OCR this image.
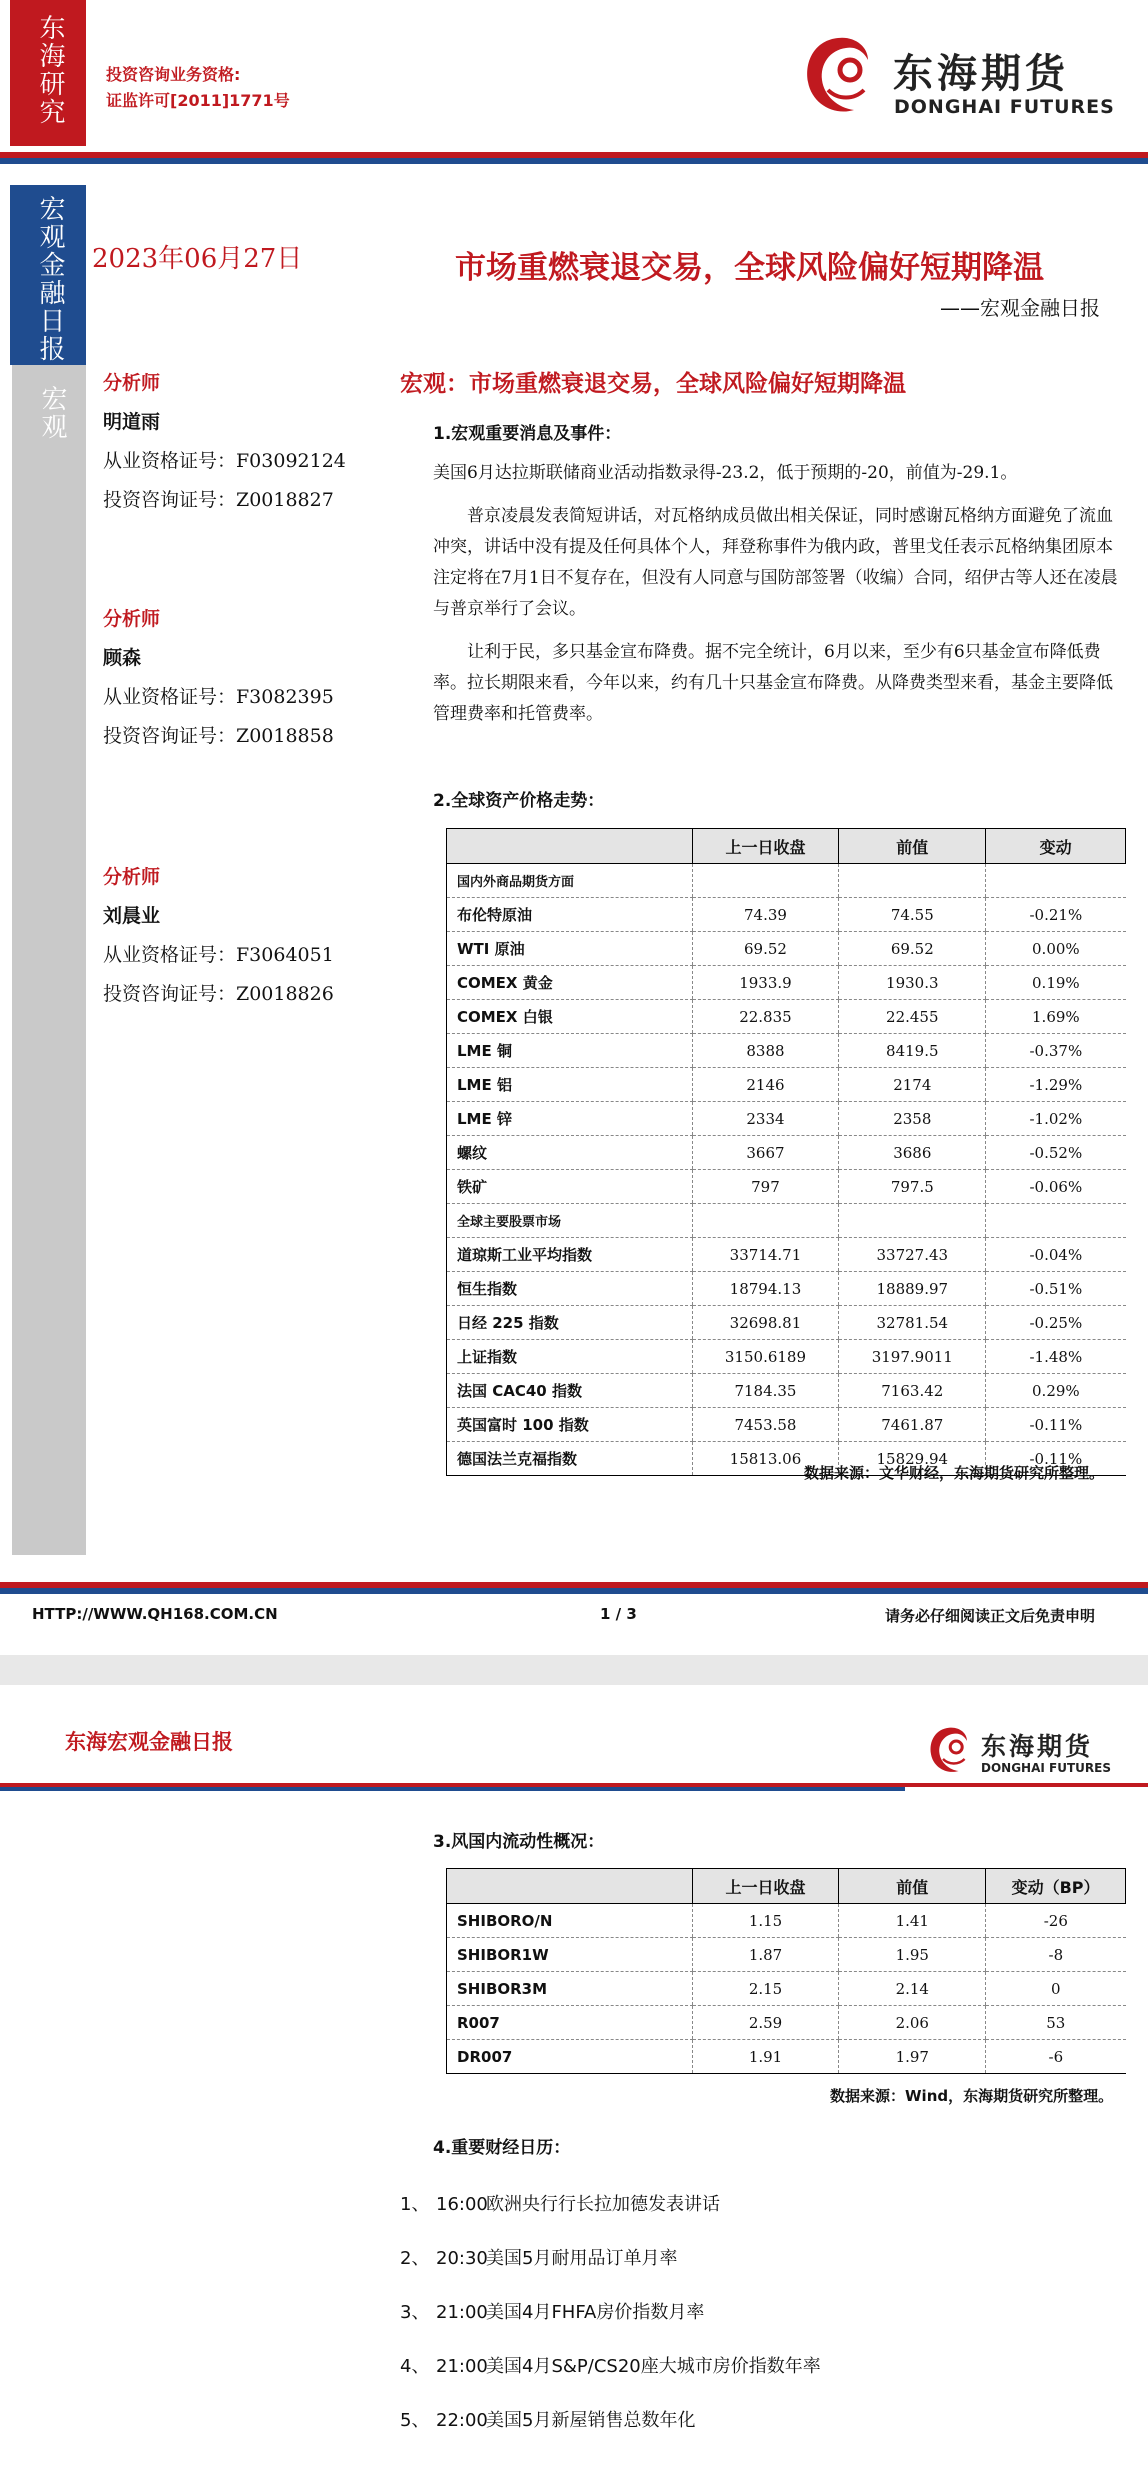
东海研究	投资咨询业务资格:
证监许可[2011]1771号
东海期货
DONGHAI FUTURES
宏观金融日报
宏观
2023年06月27日	市场重燃衰退交易，全球风险偏好短期降温
——宏观金融日报
分析师
明道雨
从业资格证号：F03092124
投资咨询证号：Z0018827
分析师
顾森
从业资格证号：F3082395
投资咨询证号：Z0018858
分析师
刘晨业
从业资格证号：F3064051
投资咨询证号：Z0018826
宏观：市场重燃衰退交易，全球风险偏好短期降温
1.宏观重要消息及事件：

美国6月达拉斯联储商业活动指数录得-23.2，低于预期的-20，前值为-29.1。

普京凌晨发表简短讲话，对瓦格纳成员做出相关保证，同时感谢瓦格纳方面避免了流血冲突，讲话中没有提及任何具体个人，拜登称事件为俄内政，普里戈任表示瓦格纳集团原本注定将在7月1日不复存在，但没有人同意与国防部签署（收编）合同，绍伊古等人还在凌晨与普京举行了会议。

让利于民，多只基金宣布降费。据不完全统计，6月以来，至少有6只基金宣布降低费率。拉长期限来看，今年以来，约有几十只基金宣布降费。从降费类型来看，基金主要降低管理费率和托管费率。

2.全球资产价格走势：
	上一日收盘	前值	变动
国内外商品期货方面			
布伦特原油	74.39	74.55	-0.21%
WTI 原油	69.52	69.52	0.00%
COMEX 黄金	1933.9	1930.3	0.19%
COMEX 白银	22.835	22.455	1.69%
LME 铜	8388	8419.5	-0.37%
LME 铝	2146	2174	-1.29%
LME 锌	2334	2358	-1.02%
螺纹	3667	3686	-0.52%
铁矿	797	797.5	-0.06%
全球主要股票市场			
道琼斯工业平均指数	33714.71	33727.43	-0.04%
恒生指数	18794.13	18889.97	-0.51%
日经 225 指数	32698.81	32781.54	-0.25%
上证指数	3150.6189	3197.9011	-1.48%
法国 CAC40 指数	7184.35	7163.42	0.29%
英国富时 100 指数	7453.58	7461.87	-0.11%
德国法兰克福指数	15813.06	15829.94	-0.11%
数据来源：文华财经，东海期货研究所整理。
HTTP://WWW.QH168.COM.CN	1 / 3	请务必仔细阅读正文后免责申明
东海宏观金融日报	东海期货
DONGHAI FUTURES
3.风国内流动性概况：
	上一日收盘	前值	变动（BP）
SHIBORO/N	1.15	1.41	-26
SHIBOR1W	1.87	1.95	-8
SHIBOR3M	2.15	2.14	0
R007	2.59	2.06	53
DR007	1.91	1.97	-6
数据来源：Wind，东海期货研究所整理。
4.重要财经日历：
1、 16:00欧洲央行行长拉加德发表讲话
2、 20:30美国5月耐用品订单月率
3、 21:00美国4月FHFA房价指数月率
4、 21:00美国4月S&P/CS20座大城市房价指数年率
5、 22:00美国5月新屋销售总数年化
